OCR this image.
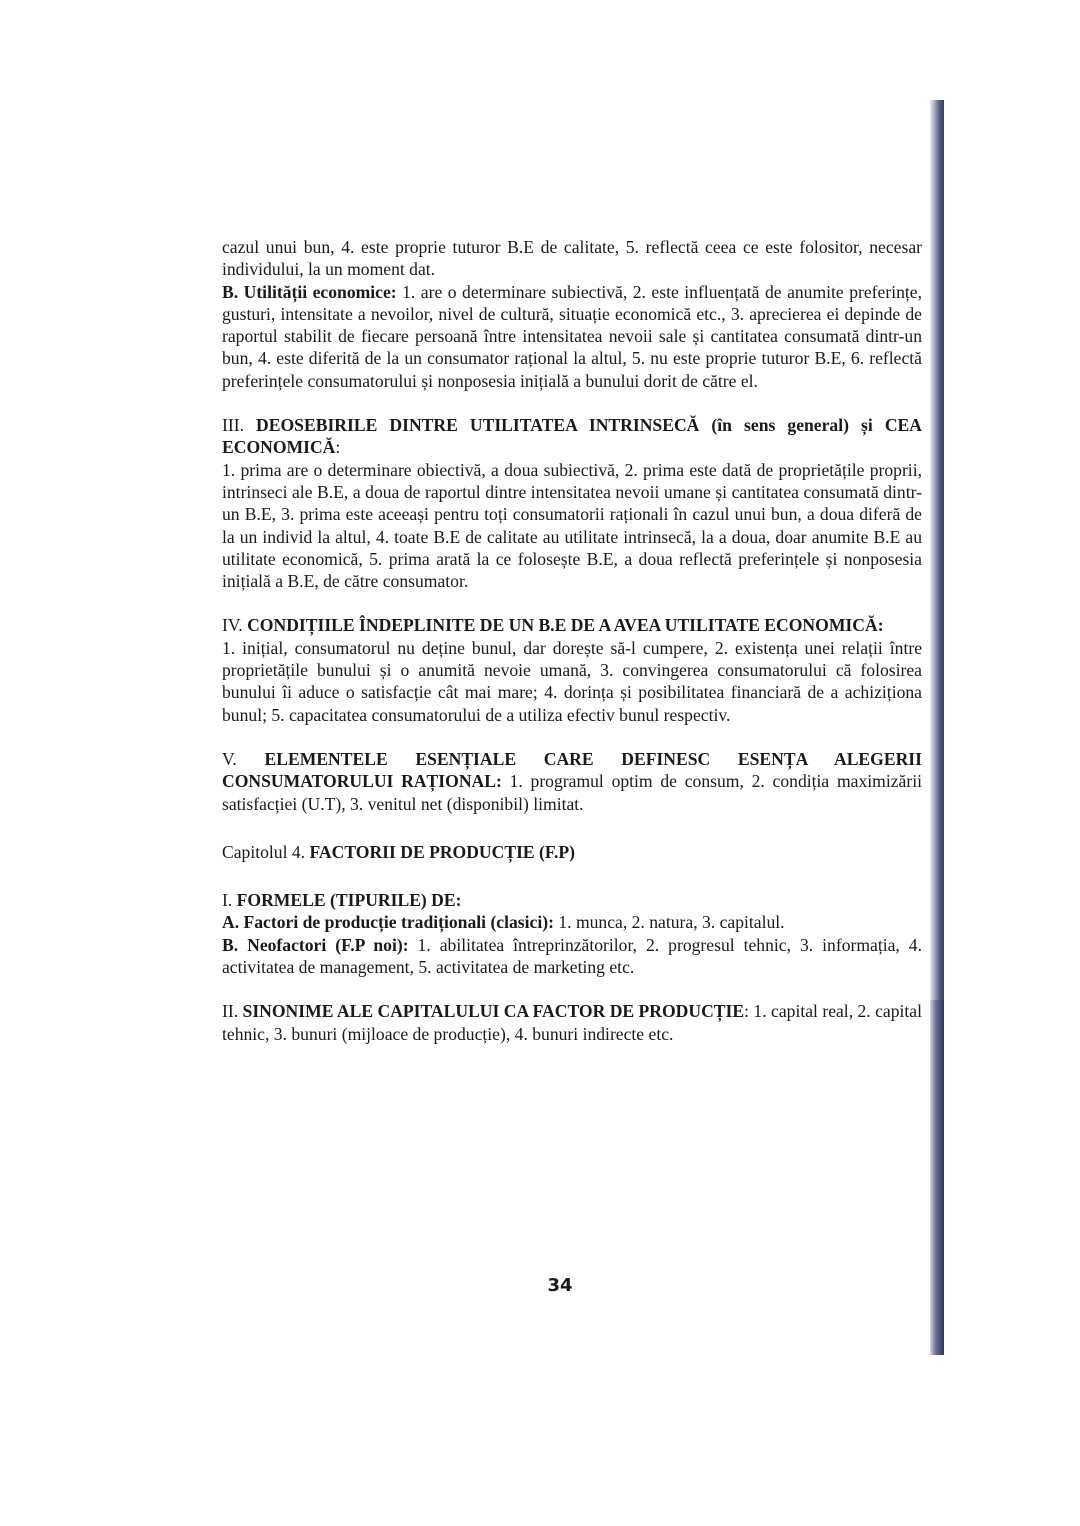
cazul unui bun, 4. este proprie tuturor B.E de calitate, 5. reflectă ceea ce este folositor, necesar individului, la un moment dat.

B. Utilității economice: 1. are o determinare subiectivă, 2. este influențată de anumite preferințe, gusturi, intensitate a nevoilor, nivel de cultură, situație economică etc., 3. aprecierea ei depinde de raportul stabilit de fiecare persoană între intensitatea nevoii sale și cantitatea consumată dintr-un bun, 4. este diferită de la un consumator rațional la altul, 5. nu este proprie tuturor B.E, 6. reflectă preferințele consumatorului și nonposesia inițială a bunului dorit de către el.

III. DEOSEBIRILE DINTRE UTILITATEA INTRINSECĂ (în sens general) și CEA ECONOMICĂ:

1. prima are o determinare obiectivă, a doua subiectivă, 2. prima este dată de proprietățile proprii, intrinseci ale B.E, a doua de raportul dintre intensitatea nevoii umane și cantitatea consumată dintr-un B.E, 3. prima este aceeași pentru toți consumatorii raționali în cazul unui bun, a doua diferă de la un individ la altul, 4. toate B.E de calitate au utilitate intrinsecă, la a doua, doar anumite B.E au utilitate economică, 5. prima arată la ce folosește B.E, a doua reflectă preferințele și nonposesia inițială a B.E, de către consumator.

IV. CONDIȚIILE ÎNDEPLINITE DE UN B.E DE A AVEA UTILITATE ECONOMICĂ:

1. inițial, consumatorul nu deține bunul, dar dorește să-l cumpere, 2. existența unei relații între proprietățile bunului și o anumită nevoie umană, 3. convingerea consumatorului că folosirea bunului îi aduce o satisfacție cât mai mare; 4. dorința și posibilitatea financiară de a achiziționa bunul; 5. capacitatea consumatorului de a utiliza efectiv bunul respectiv.

V. ELEMENTELE ESENȚIALE CARE DEFINESC ESENȚA ALEGERII CONSUMATORULUI RAȚIONAL: 1. programul optim de consum, 2. condiția maximizării satisfacției (U.T), 3. venitul net (disponibil) limitat.

Capitolul 4. FACTORII DE PRODUCȚIE (F.P)

I. FORMELE (TIPURILE) DE:

A. Factori de producție tradiționali (clasici): 1. munca, 2. natura, 3. capitalul.

B. Neofactori (F.P noi): 1. abilitatea întreprinzătorilor, 2. progresul tehnic, 3. informația, 4. activitatea de management, 5. activitatea de marketing etc.

II. SINONIME ALE CAPITALULUI CA FACTOR DE PRODUCȚIE: 1. capital real, 2. capital tehnic, 3. bunuri (mijloace de producție), 4. bunuri indirecte etc.

34
